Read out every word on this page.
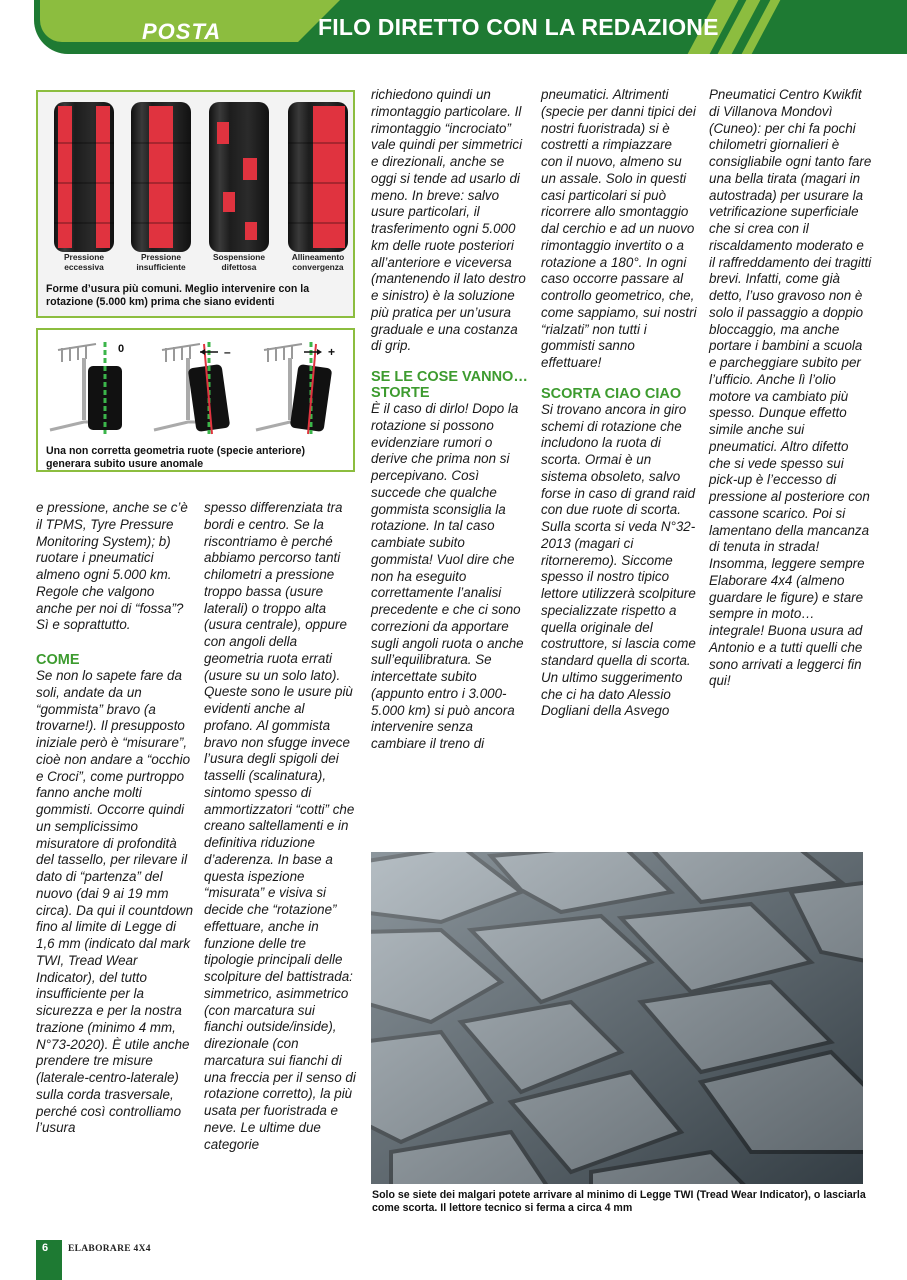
POSTA	FILO DIRETTO CON LA REDAZIONE
Pressione eccessiva
Pressione insufficiente
Sospensione difettosa
Allineamento convergenza
Forme d’usura più comuni. Meglio intervenire con la rotazione (5.000 km) prima che siano evidenti
0	–	+
Una non corretta geometria ruote (specie anteriore) generara subito usure anomale

e pressione, anche se c’è il TPMS, Tyre Pressure Monitoring System); b) ruotare i pneumatici almeno ogni 5.000 km. Regole che valgono anche per noi di “fossa”? Sì e soprattutto.

COME

Se non lo sapete fare da soli, andate da un “gommista” bravo (a trovarne!). Il presupposto iniziale però è “misurare”, cioè non andare a “occhio e Croci”, come purtroppo fanno anche molti gommisti. Occorre quindi un semplicissimo misuratore di profondità del tassello, per rilevare il dato di “partenza” del nuovo (dai 9 ai 19 mm circa). Da qui il countdown fino al limite di Legge di 1,6 mm (indicato dal mark TWI, Tread Wear Indicator), del tutto insufficiente per la sicurezza e per la nostra trazione (minimo 4 mm, N°73-2020). È utile anche prendere tre misure (laterale-centro-laterale) sulla corda trasversale, perché così controlliamo l’usura

spesso differenziata tra bordi e centro. Se la riscontriamo è perché abbiamo percorso tanti chilometri a pressione troppo bassa (usure laterali) o troppo alta (usura centrale), oppure con angoli della geometria ruota errati (usure su un solo lato). Queste sono le usure più evidenti anche al profano. Al gommista bravo non sfugge invece l’usura degli spigoli dei tasselli (scalinatura), sintomo spesso di ammortizzatori “cotti” che creano saltellamenti e in definitiva riduzione d’aderenza. In base a questa ispezione “misurata” e visiva si decide che “rotazione” effettuare, anche in funzione delle tre tipologie principali delle scolpiture del battistrada: simmetrico, asimmetrico (con marcatura sui fianchi outside/inside), direzionale (con marcatura sui fianchi di una freccia per il senso di rotazione corretto), la più usata per fuoristrada e neve. Le ultime due categorie

richiedono quindi un rimontaggio particolare. Il rimontaggio “incrociato” vale quindi per simmetrici e direzionali, anche se oggi si tende ad usarlo di meno. In breve: salvo usure particolari, il trasferimento ogni 5.000 km delle ruote posteriori all’anteriore e viceversa (mantenendo il lato destro e sinistro) è la soluzione più pratica per un’usura graduale e una costanza di grip.

SE LE COSE VANNO… STORTE

È il caso di dirlo! Dopo la rotazione si possono evidenziare rumori o derive che prima non si percepivano. Così succede che qualche gommista sconsiglia la rotazione. In tal caso cambiate subito gommista! Vuol dire che non ha eseguito correttamente l’analisi precedente e che ci sono correzioni da apportare sugli angoli ruota o anche sull’equilibratura. Se intercettate subito (appunto entro i 3.000-5.000 km) si può ancora intervenire senza cambiare il treno di

pneumatici. Altrimenti (specie per danni tipici dei nostri fuoristrada) si è costretti a rimpiazzare con il nuovo, almeno su un assale. Solo in questi casi particolari si può ricorrere allo smontaggio dal cerchio e ad un nuovo rimontaggio invertito o a rotazione a 180°. In ogni caso occorre passare al controllo geometrico, che, come sappiamo, sui nostri “rialzati” non tutti i gommisti sanno effettuare!

SCORTA CIAO CIAO

Si trovano ancora in giro schemi di rotazione che includono la ruota di scorta. Ormai è un sistema obsoleto, salvo forse in caso di grand raid con due ruote di scorta. Sulla scorta si veda N°32-2013 (magari ci ritorneremo). Siccome spesso il nostro tipico lettore utilizzerà scolpiture specializzate rispetto a quella originale del costruttore, si lascia come standard quella di scorta. Un ultimo suggerimento che ci ha dato Alessio Dogliani della Asvego

Pneumatici Centro Kwikfit di Villanova Mondovì (Cuneo): per chi fa pochi chilometri giornalieri è consigliabile ogni tanto fare una bella tirata (magari in autostrada) per usurare la vetrificazione superficiale che si crea con il riscaldamento moderato e il raffreddamento dei tragitti brevi. Infatti, come già detto, l’uso gravoso non è solo il passaggio a doppio bloccaggio, ma anche portare i bambini a scuola e parcheggiare subito per l’ufficio. Anche lì l’olio motore va cambiato più spesso. Dunque effetto simile anche sui pneumatici. Altro difetto che si vede spesso sui pick-up è l’eccesso di pressione al posteriore con cassone scarico. Poi si lamentano della mancanza di tenuta in strada! Insomma, leggere sempre Elaborare 4x4 (almeno guardare le figure) e stare sempre in moto… integrale! Buona usura ad Antonio e a tutti quelli che sono arrivati a leggerci fin qui!

Solo se siete dei malgari potete arrivare al minimo di Legge TWI (Tread Wear Indicator), o lasciarla come scorta. Il lettore tecnico si ferma a circa 4 mm
6 ELABORARE 4X4
